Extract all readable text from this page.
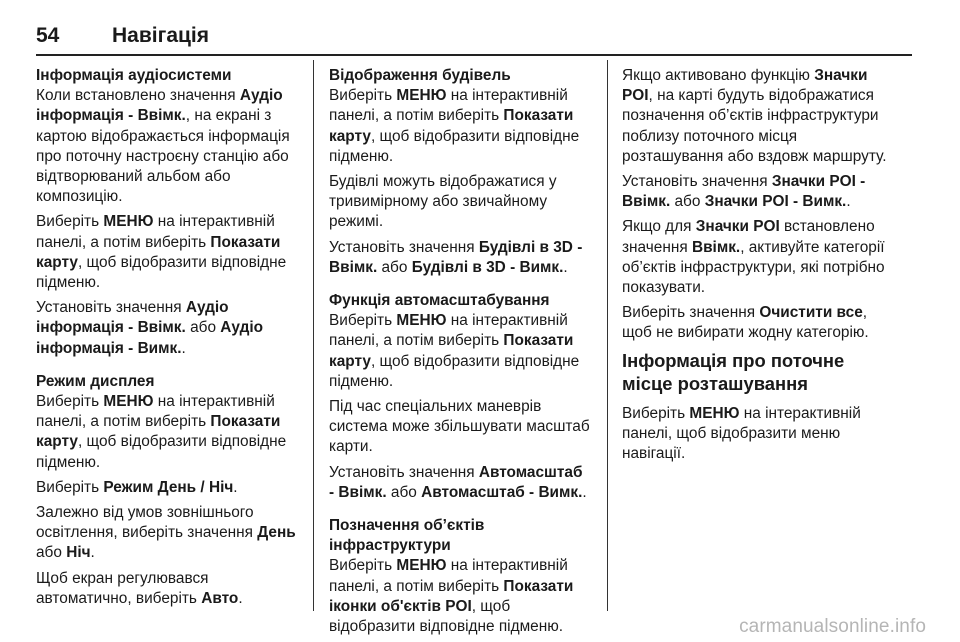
54	Навігація
Інформація аудіосистеми
Коли встановлено значення Аудіо інформація - Ввімк., на екрані з картою відображається інформація про поточну настроєну станцію або відтворюваний альбом або композицію.
Виберіть МЕНЮ на інтерактивній панелі, а потім виберіть Показати карту, щоб відобразити відповідне підменю.
Установіть значення Аудіо інформація - Ввімк. або Аудіо інформація - Вимк..
Режим дисплея
Виберіть МЕНЮ на інтерактивній панелі, а потім виберіть Показати карту, щоб відобразити відповідне підменю.
Виберіть Режим День / Ніч.
Залежно від умов зовнішнього освітлення, виберіть значення День або Ніч.
Щоб екран регулювався автоматично, виберіть Авто.
Відображення будівель
Виберіть МЕНЮ на інтерактивній панелі, а потім виберіть Показати карту, щоб відобразити відповідне підменю.
Будівлі можуть відображатися у тривимірному або звичайному режимі.
Установіть значення Будівлі в 3D - Ввімк. або Будівлі в 3D - Вимк..
Функція автомасштабування
Виберіть МЕНЮ на інтерактивній панелі, а потім виберіть Показати карту, щоб відобразити відповідне підменю.
Під час спеціальних маневрів система може збільшувати масштаб карти.
Установіть значення Автомасштаб - Ввімк. або Автомасштаб - Вимк..
Позначення об’єктів інфраструктури
Виберіть МЕНЮ на інтерактивній панелі, а потім виберіть Показати іконки об'єктів POI, щоб відобразити відповідне підменю.
Якщо активовано функцію Значки POI, на карті будуть відображатися позначення об’єктів інфраструктури поблизу поточного місця розташування або вздовж маршруту.
Установіть значення Значки POI - Ввімк. або Значки POI - Вимк..
Якщо для Значки POI встановлено значення Ввімк., активуйте категорії об’єктів інфраструктури, які потрібно показувати.
Виберіть значення Очистити все, щоб не вибирати жодну категорію.
Інформація про поточне місце розташування
Виберіть МЕНЮ на інтерактивній панелі, щоб відобразити меню навігації.
carmanualsonline.info
